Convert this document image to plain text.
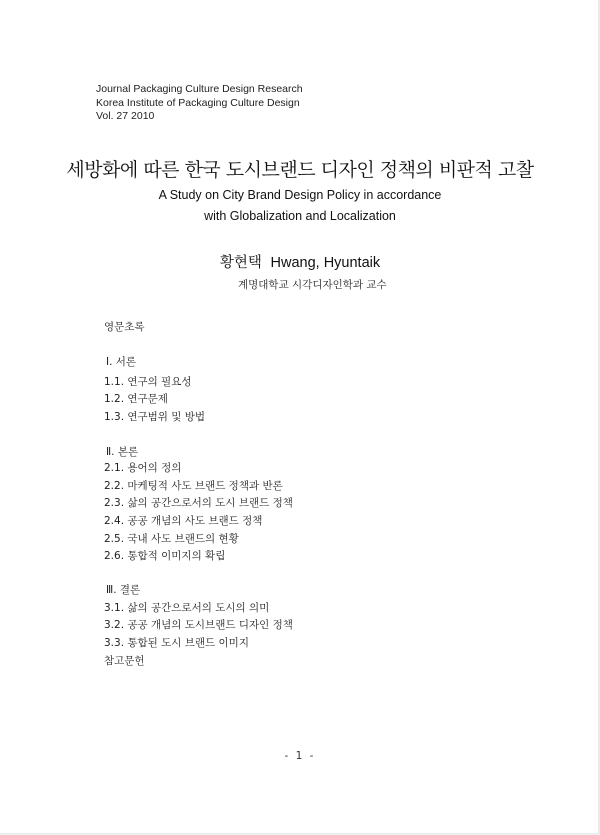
Journal Packaging Culture Design Research
Korea Institute of Packaging Culture Design
Vol. 27 2010
세방화에 따른 한국 도시브랜드 디자인 정책의 비판적 고찰
A Study on City Brand Design Policy in accordance
with Globalization and Localization
황현택 Hwang, Hyuntaik
계명대학교 시각디자인학과 교수
영문초록
Ⅰ. 서론
1.1. 연구의 필요성
1.2. 연구문제
1.3. 연구범위 및 방법
Ⅱ. 본론
2.1. 용어의 정의
2.2. 마케팅적 사도 브랜드 정책과 반론
2.3. 삶의 공간으로서의 도시 브랜드 정책
2.4. 공공 개념의 사도 브랜드 정책
2.5. 국내 사도 브랜드의 현황
2.6. 통합적 이미지의 확립
Ⅲ. 결론
3.1. 삶의 공간으로서의 도시의 의미
3.2. 공공 개념의 도시브랜드 디자인 정책
3.3. 통합된 도시 브랜드 이미지
참고문헌
- 1 -
